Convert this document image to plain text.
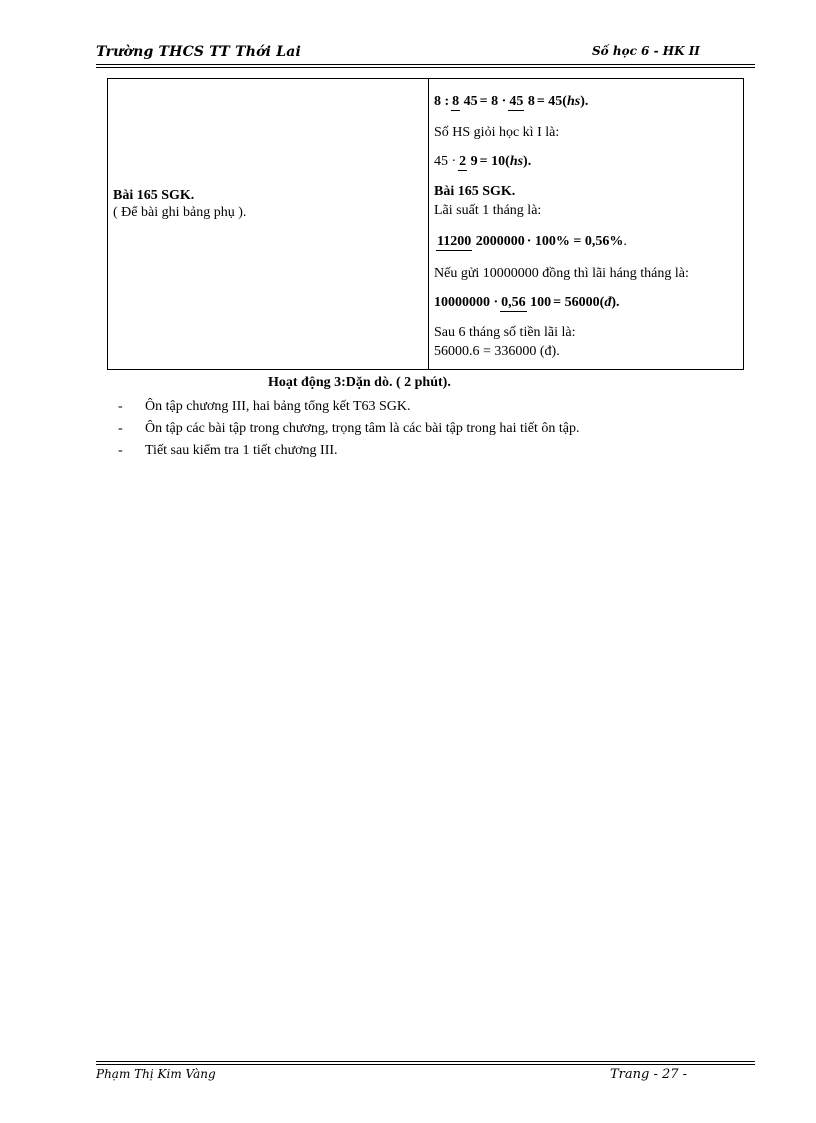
Trường THCS TT Thới Lai	Số học 6 - HK II
Bài 165 SGK.
( Để bài ghi bảng phụ ).
8 : 8 45 = 8 · 45 8 = 45( hs ).
Số HS giỏi học kì I là:
45 · 2 9 = 10( hs ).
Bài 165 SGK.
Lãi suất 1 tháng là:
11200 2000000 · 100% = 0,56% .
Nếu gửi 10000000 đồng thì lãi háng tháng là:
10000000 · 0,56 100 = 56000( đ ).
Sau 6 tháng số tiền lãi là:
56000.6 = 336000 (đ).
Hoạt động 3:Dặn dò. ( 2 phút).
-	Ôn tập chương III, hai bảng tổng kết T63 SGK.
-	Ôn tập các bài tập trong chương, trọng tâm là các bài tập trong hai tiết ôn tập.
-	Tiết sau kiểm tra 1 tiết chương III.
Phạm Thị Kim Vàng	Trang - 27 -
